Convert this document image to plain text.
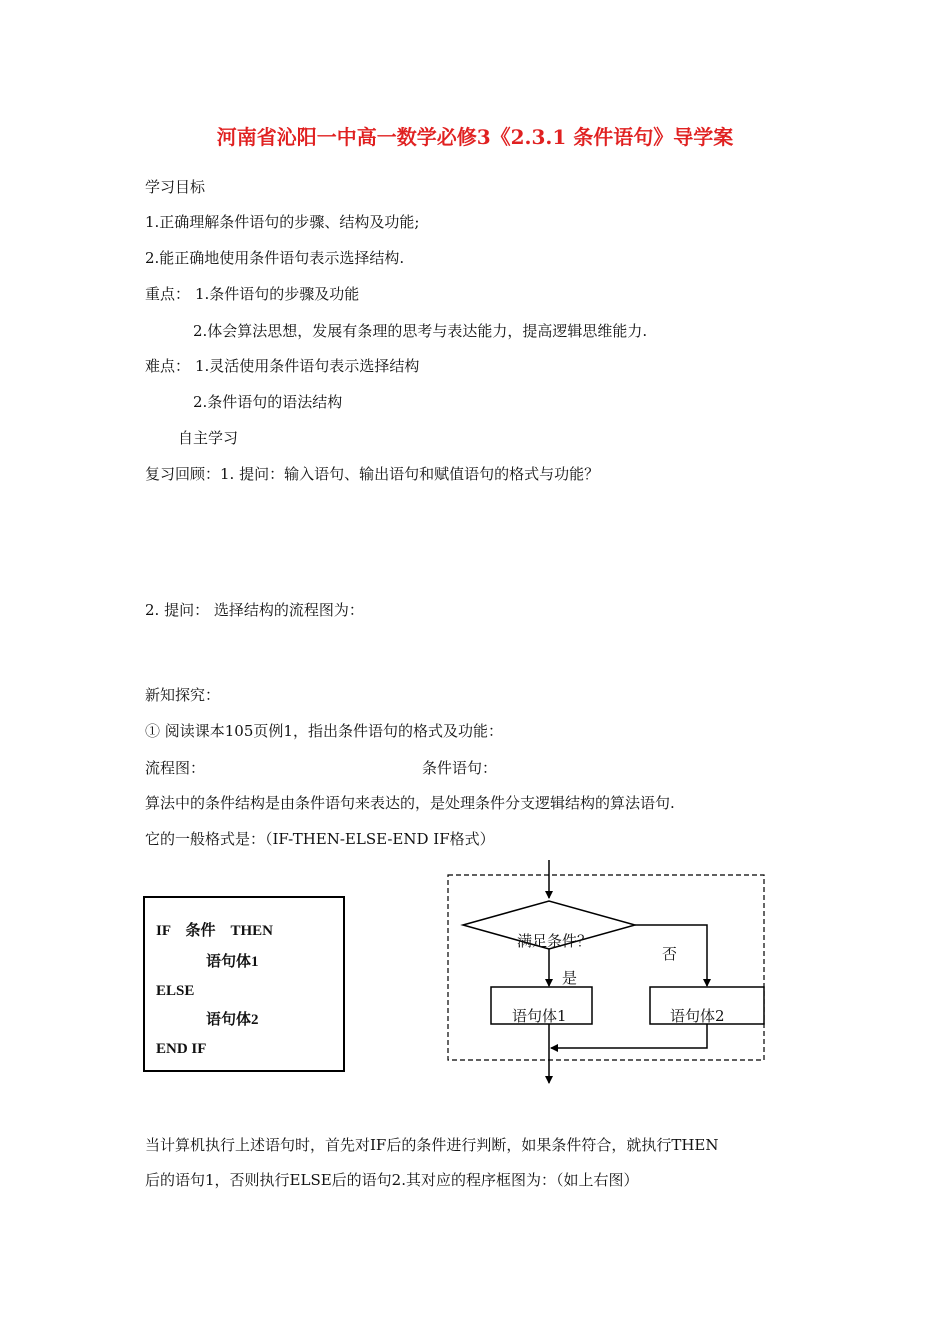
河南省沁阳一中高一数学必修3《2.3.1 条件语句》导学案
学习目标
1.正确理解条件语句的步骤、结构及功能;
2.能正确地使用条件语句表示选择结构.
重点： 1.条件语句的步骤及功能
2.体会算法思想，发展有条理的思考与表达能力，提高逻辑思维能力.
难点： 1.灵活使用条件语句表示选择结构
2.条件语句的语法结构
自主学习
复习回顾：1. 提问：输入语句、输出语句和赋值语句的格式与功能？
2. 提问： 选择结构的流程图为：
新知探究：
① 阅读课本105页例1，指出条件语句的格式及功能：
流程图：	条件语句：
算法中的条件结构是由条件语句来表达的，是处理条件分支逻辑结构的算法语句.
它的一般格式是：（IF-THEN-ELSE-END IF格式）
IF　条件　THEN
语句体1
ELSE
语句体2
END IF
满足条件？
是
否
语句体1	语句体2
当计算机执行上述语句时，首先对IF后的条件进行判断，如果条件符合，就执行THEN
后的语句1，否则执行ELSE后的语句2.其对应的程序框图为：（如上右图）
